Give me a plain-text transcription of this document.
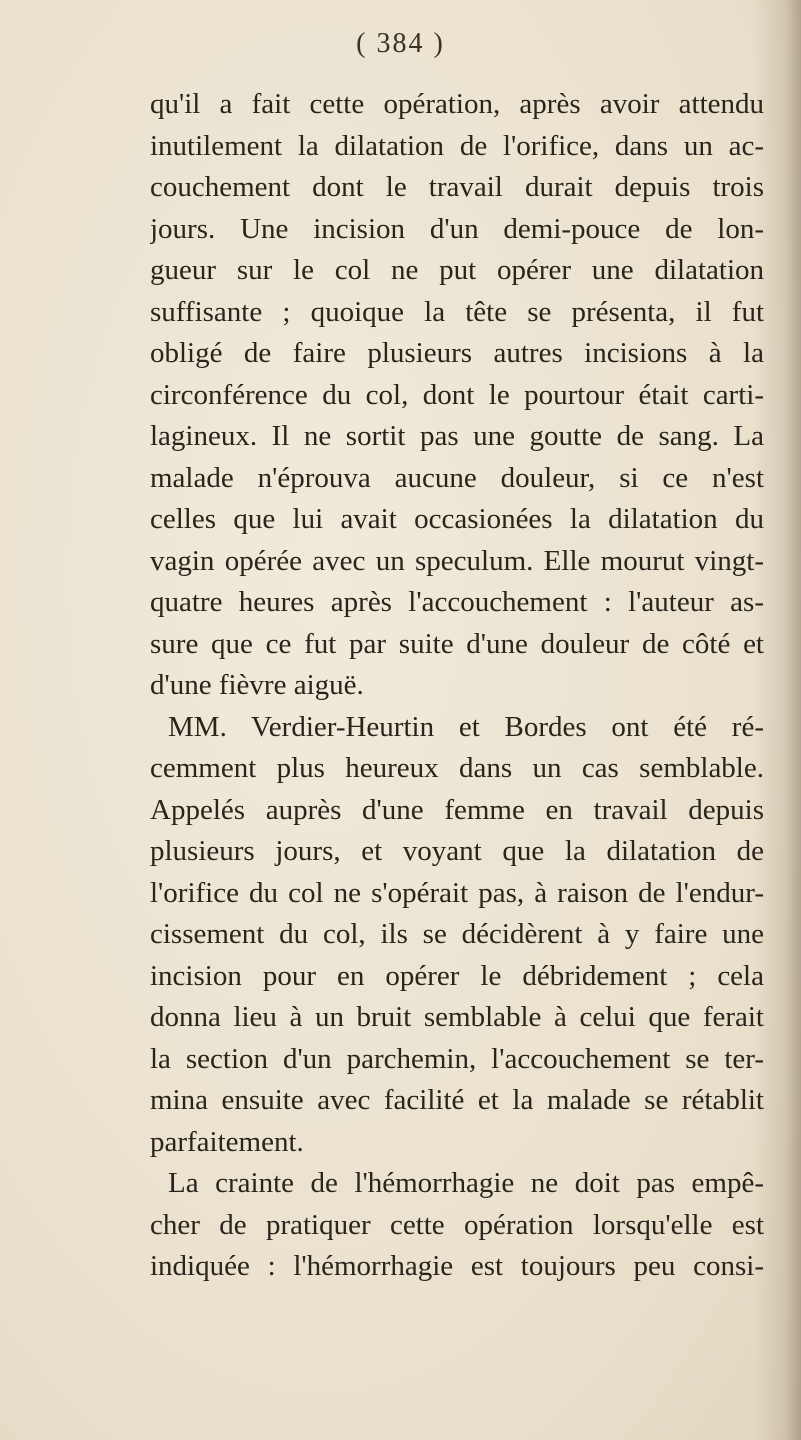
( 384 )
qu'il a fait cette opération, après avoir attendu
inutilement la dilatation de l'orifice, dans un ac-
couchement dont le travail durait depuis trois
jours. Une incision d'un demi-pouce de lon-
gueur sur le col ne put opérer une dilatation
suffisante ; quoique la tête se présenta, il fut
obligé de faire plusieurs autres incisions à la
circonférence du col, dont le pourtour était carti-
lagineux. Il ne sortit pas une goutte de sang. La
malade n'éprouva aucune douleur, si ce n'est
celles que lui avait occasionées la dilatation du
vagin opérée avec un speculum. Elle mourut vingt-
quatre heures après l'accouchement : l'auteur as-
sure que ce fut par suite d'une douleur de côté et
d'une fièvre aiguë.
MM. Verdier-Heurtin et Bordes ont été ré-
cemment plus heureux dans un cas semblable.
Appelés auprès d'une femme en travail depuis
plusieurs jours, et voyant que la dilatation de
l'orifice du col ne s'opérait pas, à raison de l'endur-
cissement du col, ils se décidèrent à y faire une
incision pour en opérer le débridement ; cela
donna lieu à un bruit semblable à celui que ferait
la section d'un parchemin, l'accouchement se ter-
mina ensuite avec facilité et la malade se rétablit
parfaitement.
La crainte de l'hémorrhagie ne doit pas empê-
cher de pratiquer cette opération lorsqu'elle est
indiquée : l'hémorrhagie est toujours peu consi-
